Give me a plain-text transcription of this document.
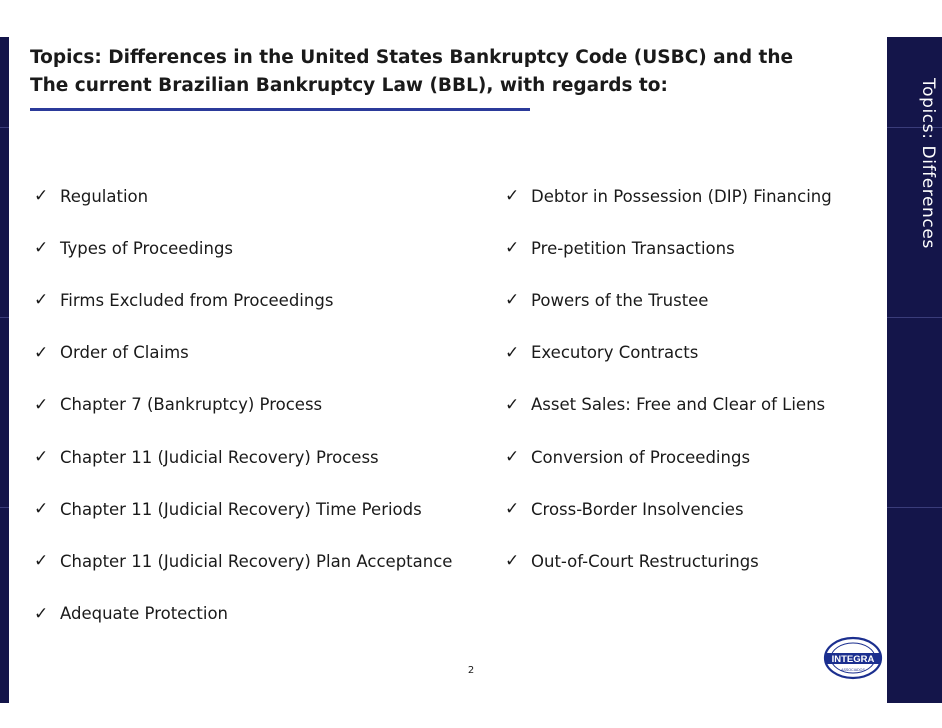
Topics: Differences
Topics: Differences in the United States Bankruptcy Code (USBC) and the
The current Brazilian Bankruptcy Law (BBL), with regards to:
✓ Regulation
✓ Types of Proceedings
✓ Firms Excluded from Proceedings
✓ Order of Claims
✓ Chapter 7 (Bankruptcy) Process
✓ Chapter 11 (Judicial Recovery) Process
✓ Chapter 11 (Judicial Recovery) Time Periods
✓ Chapter 11 (Judicial Recovery) Plan Acceptance
✓ Adequate Protection
✓ Debtor in Possession (DIP) Financing
✓ Pre-petition Transactions
✓ Powers of the Trustee
✓ Executory Contracts
✓ Asset Sales: Free and Clear of Liens
✓ Conversion of Proceedings
✓ Cross-Border Insolvencies
✓ Out-of-Court Restructurings
2
INTEGRA
ASSOCIADOS
